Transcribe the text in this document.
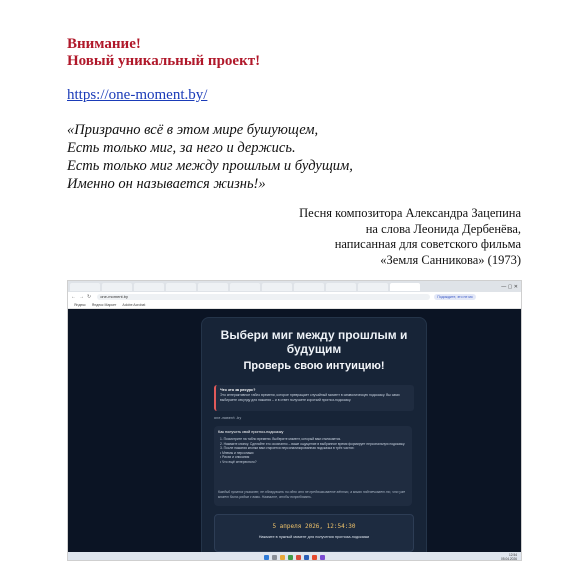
Внимание!
Новый уникальный проект!

https://one-moment.by/
«Призрачно всё в этом мире бушующем,
Есть только миг, за него и держись.
Есть только миг между прошлым и будущим,
Именно он называется жизнь!»
Песня композитора Александра Зацепина
на слова Леонида Дербенёва,
написанная для советского фильма
«Земля Санникова» (1973)
— ▢ ✕
← → ↻	one-moment.by	Подождите, это не мо
Яндекс Яндекс Маркет Adobe Acrobat
Выбери миг между прошлым и будущим
Проверь свою интуицию!
Что это за ресурс?
Это интерактивное табло времени, которое превращает случайный момент в символическую подсказку. Вы сами выбираете секунду для нажатия – и в ответ получаете короткий прогноз-подсказку.
one-moment.by
Как получить свой прогноз-подсказку
1. Посмотрите на табло времени. Выберите момент, который вам откликается.
2. Нажмите кнопку. Сделайте это осознанно – ваше ощущение в выбранное время формирует персональную подсказку.
3. После нажатия кнопки вам откроется персонализированная подсказка в трёх частях:
• Мнемы и персонажи
• Рисхи и описания
• Что ещё интересного?
Каждый прогноз уникален, не обнаружить ни одно что не предсказываете жёстко, а мягко подсвечивает то, что уже может быть рядом с вами. Нажмите, чтобы попробовать.
5 апреля 2026, 12:54:30
Нажмите в нужный момент для получения прогноза-подсказки
12:54
05.04.2026
